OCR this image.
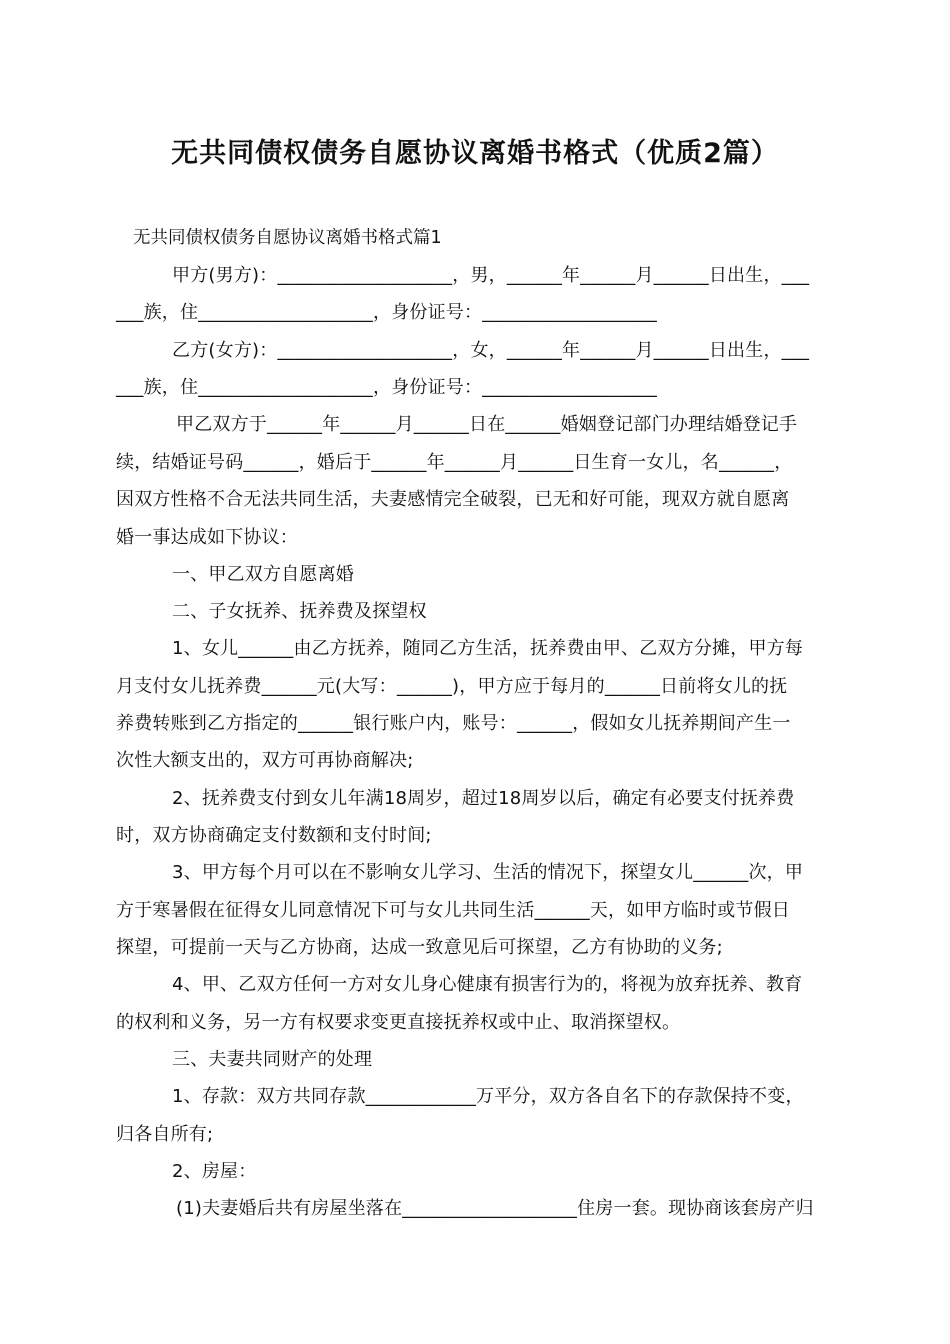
无共同债权债务自愿协议离婚书格式（优质2篇）
无共同债权债务自愿协议离婚书格式篇1
甲方(男方)：___________________，男，______年______月______日出生，___
___族，住___________________，身份证号：___________________
乙方(女方)：___________________，女，______年______月______日出生，___
___族，住___________________，身份证号：___________________
甲乙双方于______年______月______日在______婚姻登记部门办理结婚登记手
续，结婚证号码______，婚后于______年______月______日生育一女儿，名______，
因双方性格不合无法共同生活，夫妻感情完全破裂，已无和好可能，现双方就自愿离
婚一事达成如下协议：
一、甲乙双方自愿离婚
二、子女抚养、抚养费及探望权
1、女儿______由乙方抚养，随同乙方生活，抚养费由甲、乙双方分摊，甲方每
月支付女儿抚养费______元(大写：______)，甲方应于每月的______日前将女儿的抚
养费转账到乙方指定的______银行账户内，账号：______，假如女儿抚养期间产生一
次性大额支出的，双方可再协商解决;
2、抚养费支付到女儿年满18周岁，超过18周岁以后，确定有必要支付抚养费
时，双方协商确定支付数额和支付时间;
3、甲方每个月可以在不影响女儿学习、生活的情况下，探望女儿______次，甲
方于寒暑假在征得女儿同意情况下可与女儿共同生活______天，如甲方临时或节假日
探望，可提前一天与乙方协商，达成一致意见后可探望，乙方有协助的义务;
4、甲、乙双方任何一方对女儿身心健康有损害行为的，将视为放弃抚养、教育
的权利和义务，另一方有权要求变更直接抚养权或中止、取消探望权。
三、夫妻共同财产的处理
1、存款：双方共同存款____________万平分，双方各自名下的存款保持不变，
归各自所有;
2、房屋：
(1)夫妻婚后共有房屋坐落在___________________住房一套。现协商该套房产归
